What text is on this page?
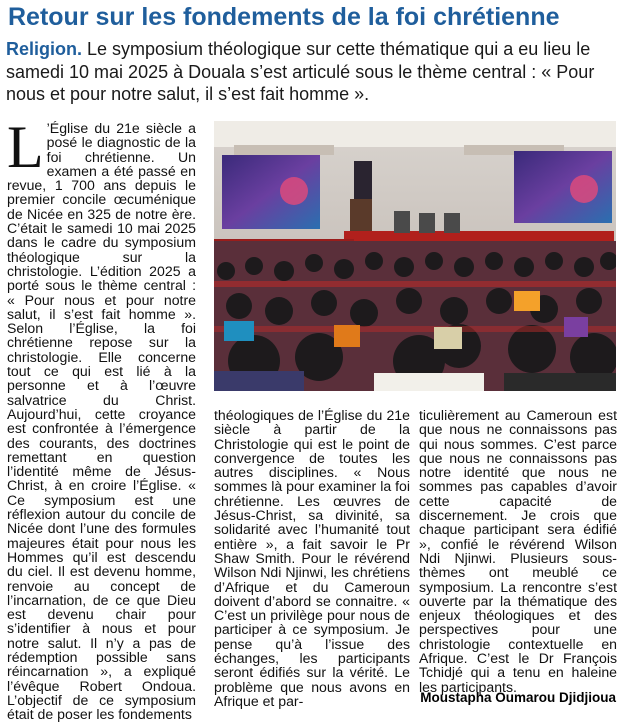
Retour sur les fondements de la foi chrétienne

Religion. Le symposium théologique sur cette thématique qui a eu lieu le samedi 10 mai 2025 à Douala s’est articulé sous le thème central : « Pour nous et pour notre salut, il s’est fait homme ».

L ’Église du 21e siècle a posé le diagnostic de la foi chrétienne. Un examen a été passé en revue, 1 700 ans depuis le premier concile œcuménique de Nicée en 325 de notre ère. C’était le samedi 10 mai 2025 dans le cadre du symposium théologique sur la christologie. L’édition 2025 a porté sous le thème central : « Pour nous et pour notre salut, il s’est fait homme ». Selon l’Église, la foi chrétienne repose sur la christologie. Elle concerne tout ce qui est lié à la personne et à l’œuvre salvatrice du Christ. Aujourd’hui, cette croyance est confrontée à l’émergence des courants, des doctrines remettant en question l’identité même de Jésus-Christ, à en croire l’Église. « Ce symposium est une réflexion autour du concile de Nicée dont l’une des formules majeures était pour nous les Hommes qu’il est descendu du ciel. Il est devenu homme, renvoie au concept de l’incarnation, de ce que Dieu est devenu chair pour s’identifier à nous et pour notre salut. Il n’y a pas de rédemption possible sans réincarnation », a expliqué l’évêque Robert Ondoua. L’objectif de ce symposium était de poser les fondements

théologiques de l’Église du 21e siècle à partir de la Christologie qui est le point de convergence de toutes les autres disciplines. « Nous sommes là pour examiner la foi chrétienne. Les œuvres de Jésus-Christ, sa divinité, sa solidarité avec l’humanité tout entière », a fait savoir le Pr Shaw Smith. Pour le révérend Wilson Ndi Njinwi, les chrétiens d’Afrique et du Cameroun doivent d’abord se connaitre. « C’est un privilège pour nous de participer à ce symposium. Je pense qu’à l’issue des échanges, les participants seront édifiés sur la vérité. Le problème que nous avons en Afrique et par-

ticulièrement au Cameroun est que nous ne connaissons pas qui nous sommes. C’est parce que nous ne connaissons pas notre identité que nous ne sommes pas capables d’avoir cette capacité de discernement. Je crois que chaque participant sera édifié », confié le révérend Wilson Ndi Njinwi. Plusieurs sous-thèmes ont meublé ce symposium. La rencontre s’est ouverte par la thématique des enjeux théologiques et des perspectives pour une christologie contextuelle en Afrique. C’est le Dr François Tchidjé qui a tenu en haleine les participants.

Moustapha Oumarou Djidjioua
